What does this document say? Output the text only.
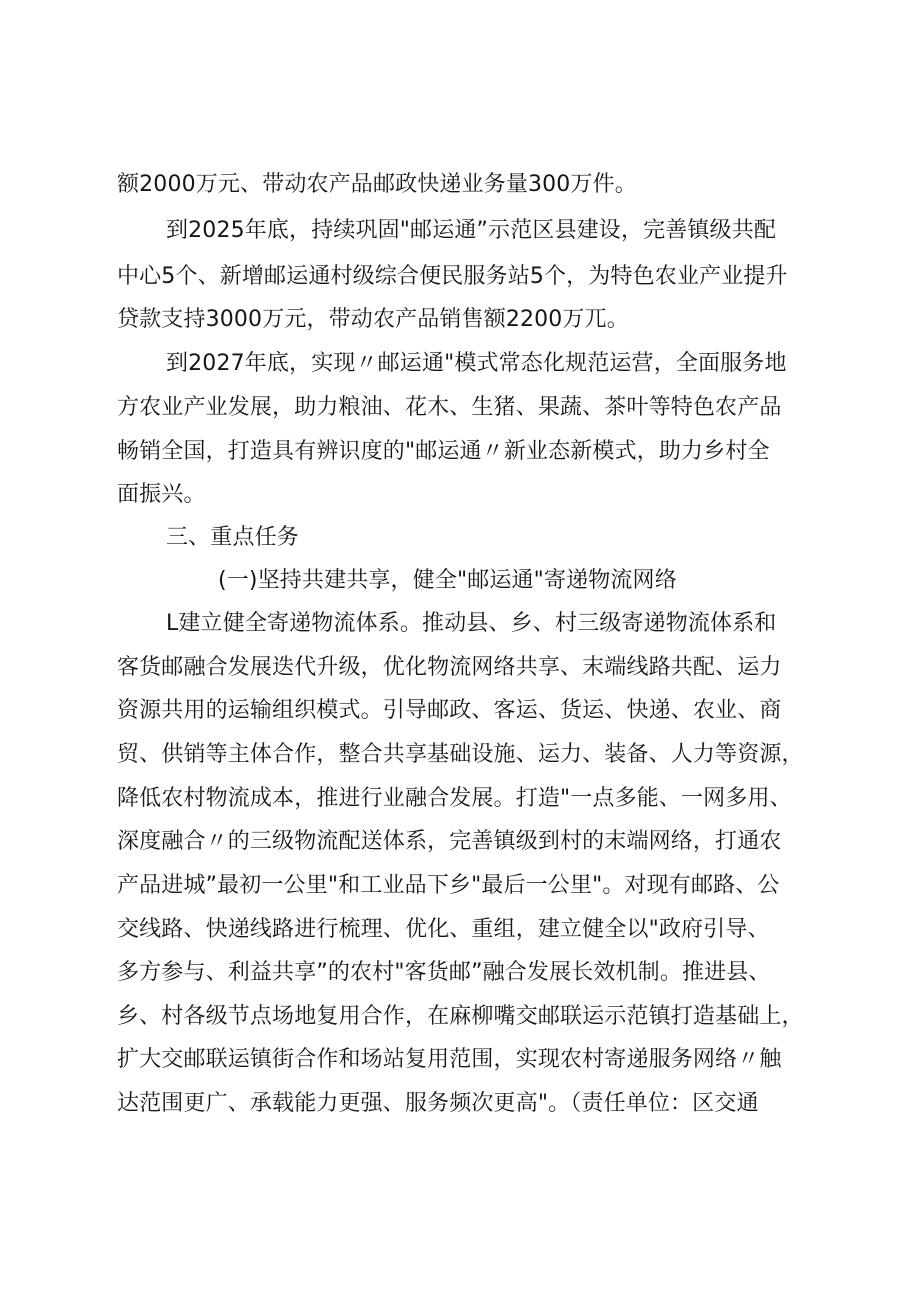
额2000万元、带动农产品邮政快递业务量300万件。
到2025年底，持续巩固"邮运通”示范区县建设，完善镇级共配
中心5个、新增邮运通村级综合便民服务站5个，为特色农业产业提升
贷款支持3000万元，带动农产品销售额2200万兀。
到2027年底，实现〃邮运通"模式常态化规范运营，全面服务地
方农业产业发展，助力粮油、花木、生猪、果蔬、茶叶等特色农产品
畅销全国，打造具有辨识度的"邮运通〃新业态新模式，助力乡村全
面振兴。
三、重点任务
(一)坚持共建共享，健全"邮运通"寄递物流网络
L建立健全寄递物流体系。推动县、乡、村三级寄递物流体系和
客货邮融合发展迭代升级，优化物流网络共享、末端线路共配、运力
资源共用的运输组织模式。引导邮政、客运、货运、快递、农业、商
贸、供销等主体合作，整合共享基础设施、运力、装备、人力等资源，
降低农村物流成本，推进行业融合发展。打造"一点多能、一网多用、
深度融合〃的三级物流配送体系，完善镇级到村的末端网络，打通农
产品进城”最初一公里"和工业品下乡"最后一公里"。对现有邮路、公
交线路、快递线路进行梳理、优化、重组，建立健全以"政府引导、
多方参与、利益共享”的农村"客货邮”融合发展长效机制。推进县、
乡、村各级节点场地复用合作，在麻柳嘴交邮联运示范镇打造基础上，
扩大交邮联运镇街合作和场站复用范围，实现农村寄递服务网络〃触
达范围更广、承载能力更强、服务频次更高"。（责任单位：区交通
